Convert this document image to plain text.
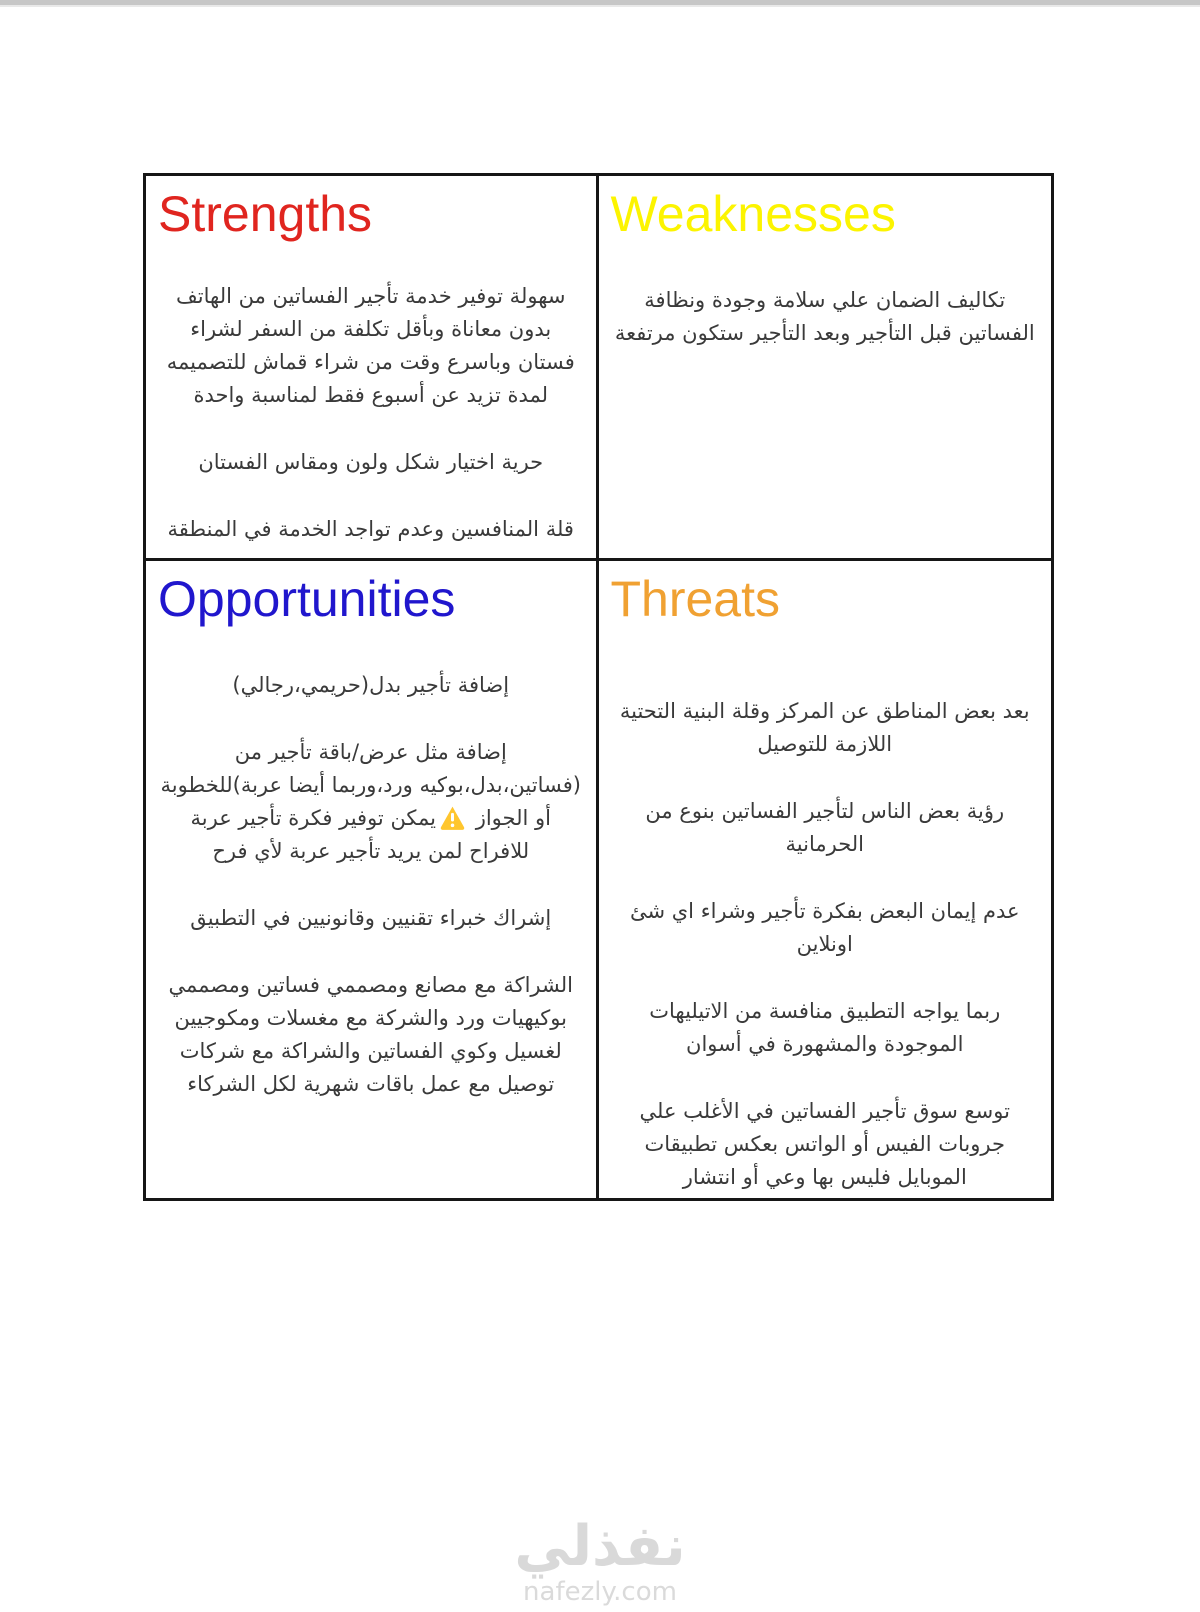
Strengths

سهولة توفير خدمة تأجير الفساتين من الهاتف بدون معاناة وبأقل تكلفة من السفر لشراء فستان وباسرع وقت من شراء قماش للتصميمه لمدة تزيد عن أسبوع فقط لمناسبة واحدة

حرية اختيار شكل ولون ومقاس الفستان

قلة المنافسين وعدم تواجد الخدمة في المنطقة

Weaknesses

تكاليف الضمان علي سلامة وجودة ونظافة الفساتين قبل التأجير وبعد التأجير ستكون مرتفعة

Opportunities

إضافة تأجير بدل(حريمي،رجالي)

إضافة مثل عرض/باقة تأجير من (فساتين،بدل،بوكيه ورد،وربما أيضا عربة)للخطوبة أو الجواز يمكن توفير فكرة تأجير عربة للافراح لمن يريد تأجير عربة لأي فرح

إشراك خبراء تقنيين وقانونيين في التطبيق

الشراكة مع مصانع ومصممي فساتين ومصممي بوكيهيات ورد والشركة مع مغسلات ومكوجيين لغسيل وكوي الفساتين والشراكة مع شركات توصيل مع عمل باقات شهرية لكل الشركاء

Threats

بعد بعض المناطق عن المركز وقلة البنية التحتية اللازمة للتوصيل

رؤية بعض الناس لتأجير الفساتين بنوع من الحرمانية

عدم إيمان البعض بفكرة تأجير وشراء اي شئ اونلاين

ربما يواجه التطبيق منافسة من الاتيليهات الموجودة والمشهورة في أسوان

توسع سوق تأجير الفساتين في الأغلب علي جروبات الفيس أو الواتس بعكس تطبيقات الموبايل فليس بها وعي أو انتشار

نفذلي
nafezly.com
